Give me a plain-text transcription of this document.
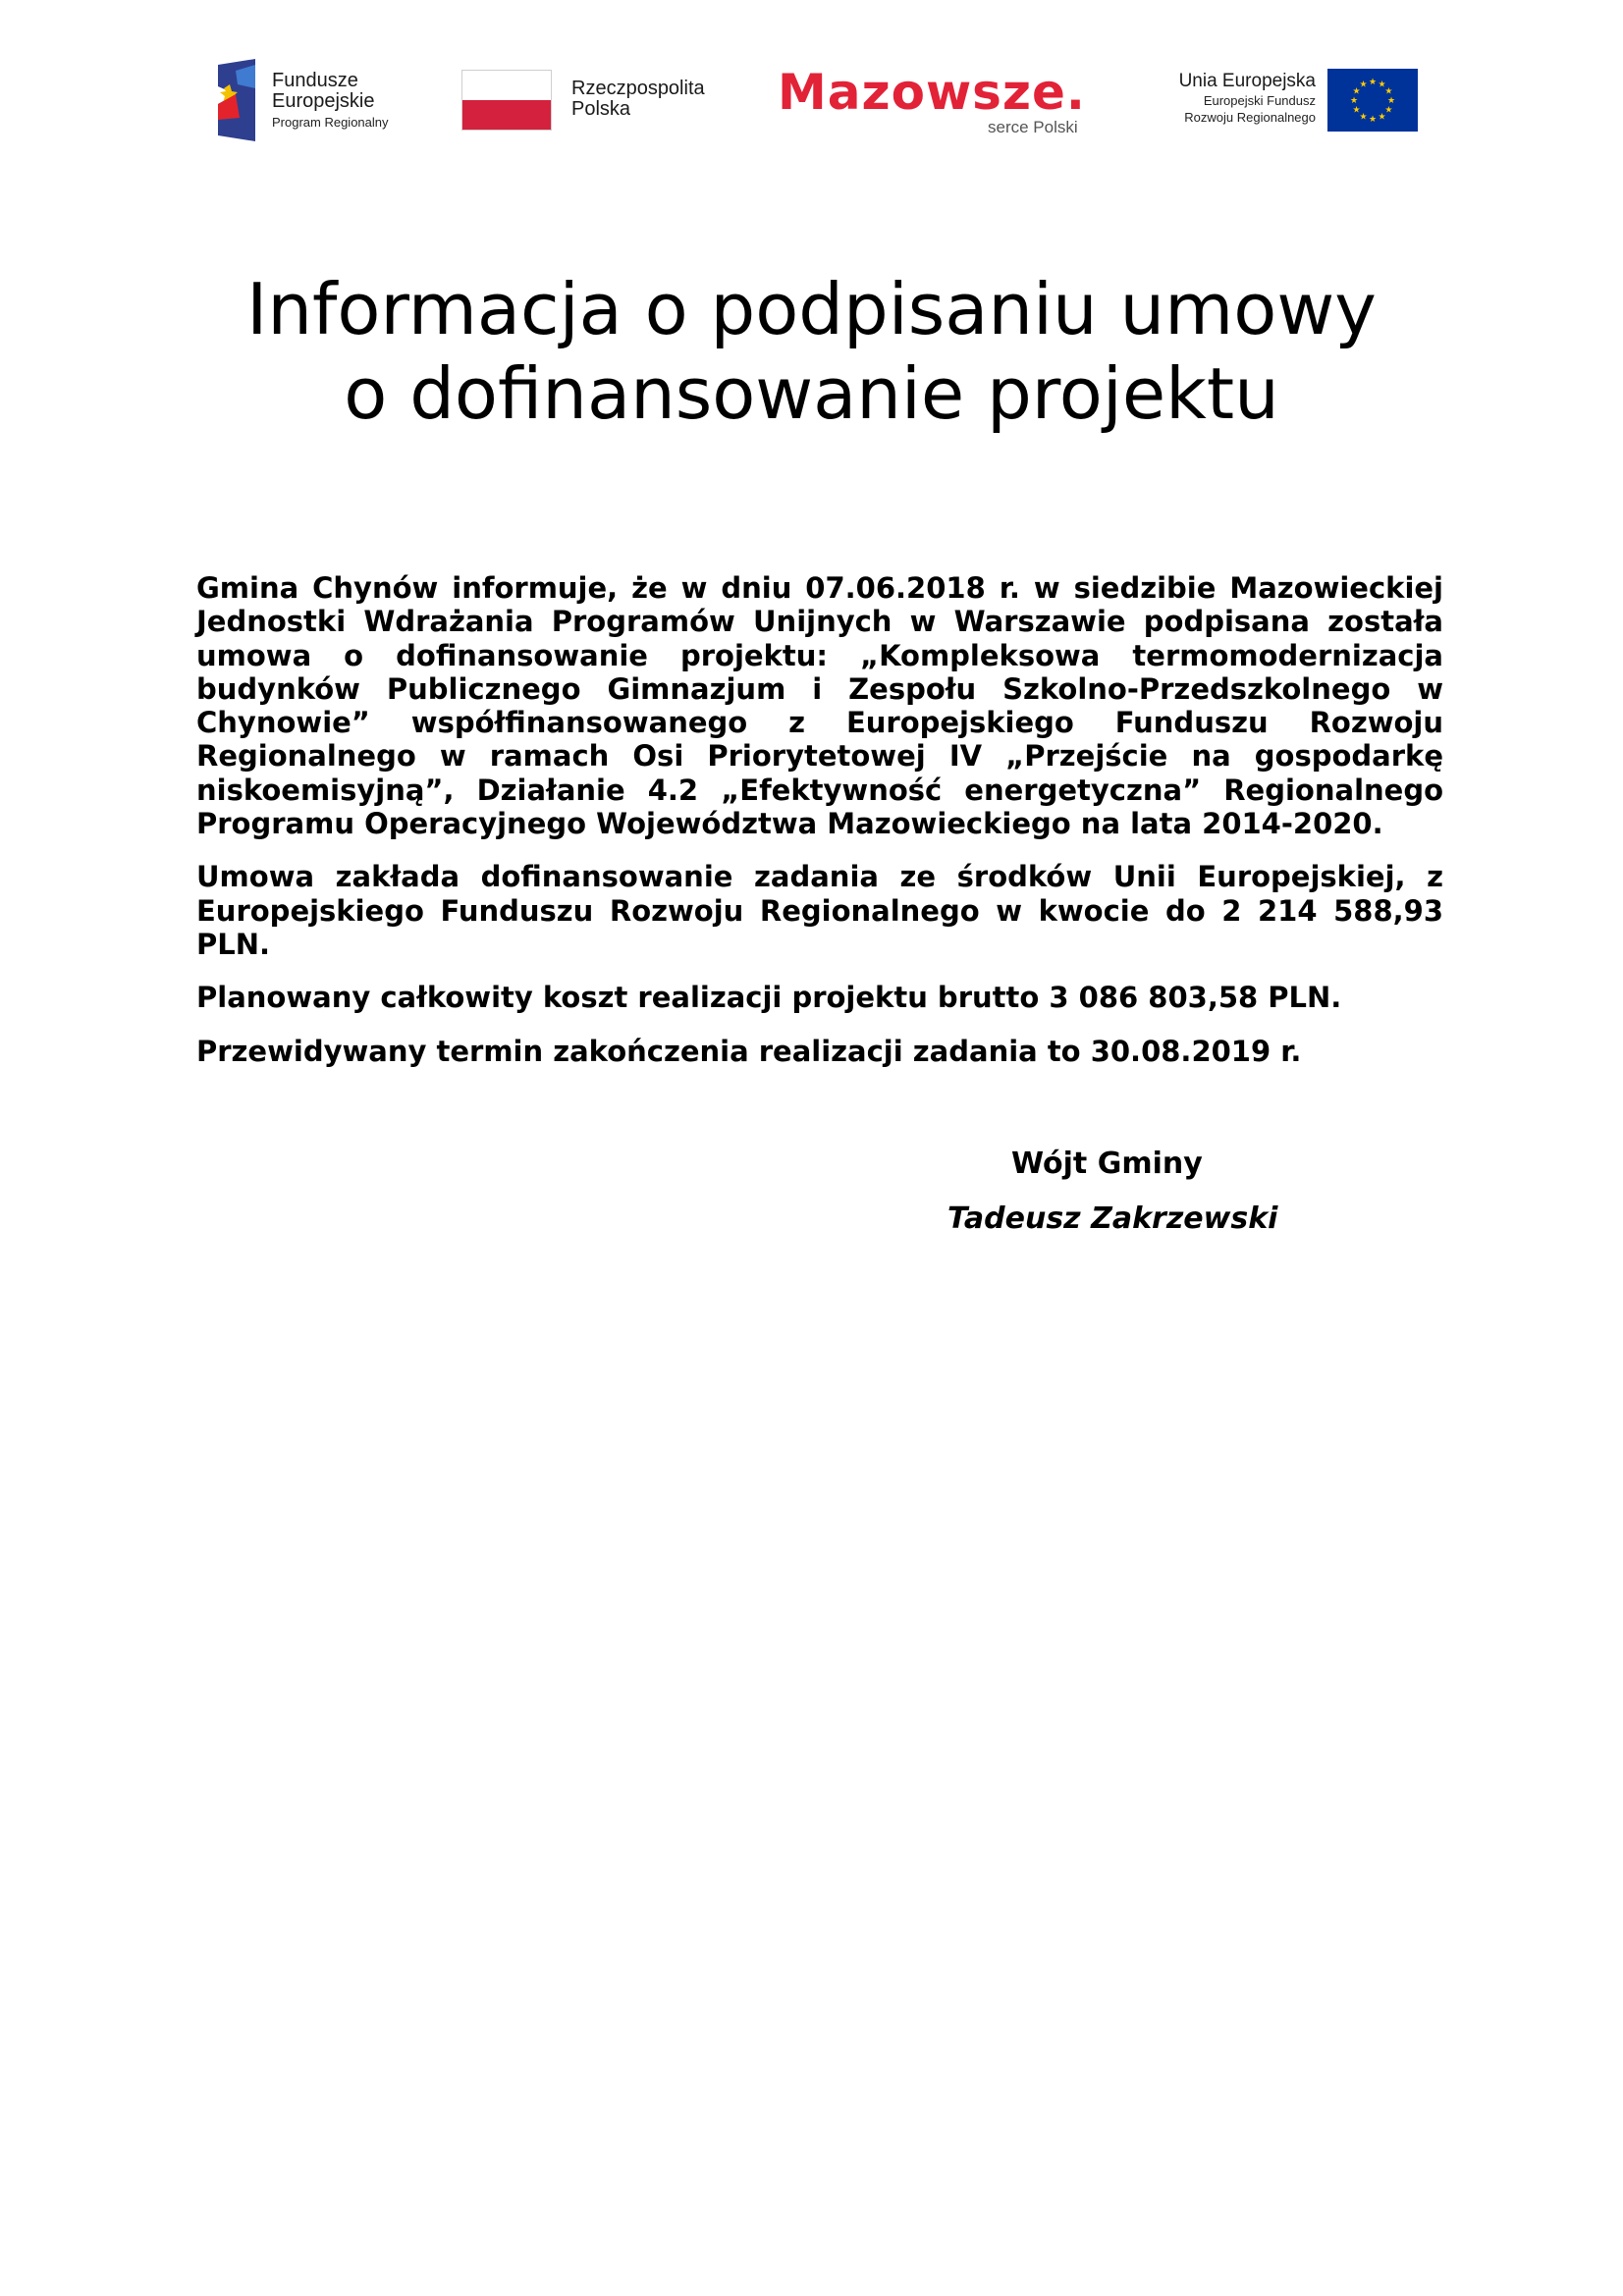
Fundusze
Europejskie
Program Regionalny
Rzeczpospolita
Polska	Mazowsze.
serce Polski
Unia Europejska
Europejski Fundusz
Rozwoju Regionalnego
★
★
★
★
★
★
★
★
★ ★ ★
★
Informacja o podpisaniu umowy
o dofinansowanie projektu

Gmina Chynów informuje, że w dniu 07.06.2018 r. w siedzibie Mazowieckiej Jednostki Wdrażania Programów Unijnych w Warszawie podpisana została umowa o dofinansowanie projektu: „Kompleksowa termomodernizacja budynków Publicznego Gimnazjum i Zespołu Szkolno-Przedszkolnego w Chynowie” współfinansowanego z Europejskiego Funduszu Rozwoju Regionalnego w ramach Osi Priorytetowej IV „Przejście na gospodarkę niskoemisyjną”, Działanie 4.2 „Efektywność energetyczna” Regionalnego Programu Operacyjnego Województwa Mazowieckiego na lata 2014-2020.

Umowa zakłada dofinansowanie zadania ze środków Unii Europejskiej, z Europejskiego Funduszu Rozwoju Regionalnego w kwocie do 2 214 588,93 PLN.

Planowany całkowity koszt realizacji projektu brutto 3 086 803,58 PLN.

Przewidywany termin zakończenia realizacji zadania to 30.08.2019 r.

Wójt Gminy
Tadeusz Zakrzewski
